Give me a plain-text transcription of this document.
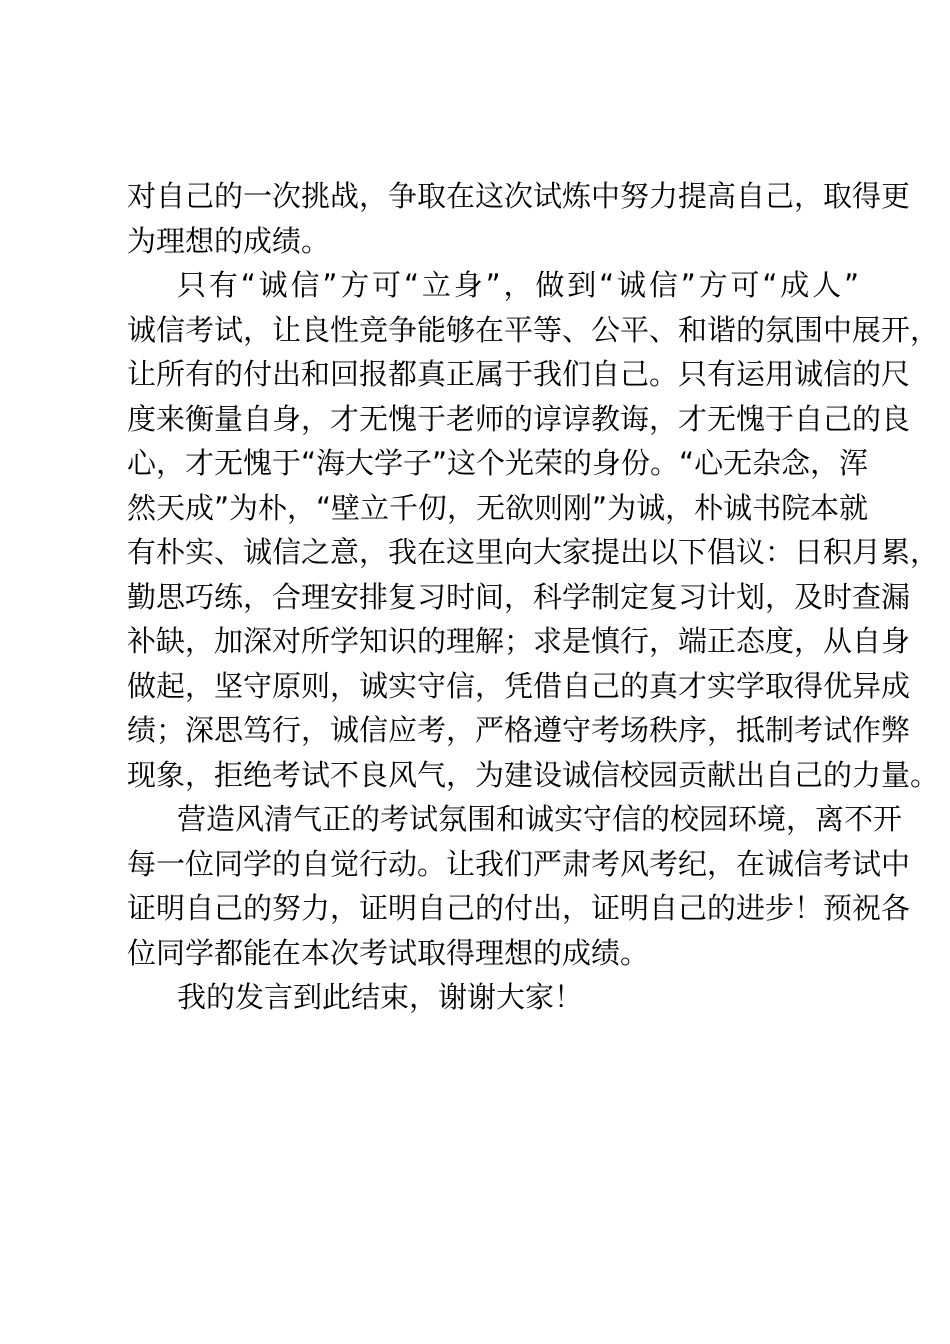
对自己的一次挑战，争取在这次试炼中努力提高自己，取得更
为理想的成绩。
只有“诚信”方可“立身”，做到“诚信”方可“成人”
诚信考试，让良性竞争能够在平等、公平、和谐的氛围中展开，
让所有的付出和回报都真正属于我们自己。只有运用诚信的尺
度来衡量自身，才无愧于老师的谆谆教诲，才无愧于自己的良
心，才无愧于“海大学子”这个光荣的身份。“心无杂念，浑
然天成”为朴，“壁立千仞，无欲则刚”为诚，朴诚书院本就
有朴实、诚信之意，我在这里向大家提出以下倡议：日积月累，
勤思巧练，合理安排复习时间，科学制定复习计划，及时查漏
补缺，加深对所学知识的理解；求是慎行，端正态度，从自身
做起，坚守原则，诚实守信，凭借自己的真才实学取得优异成
绩；深思笃行，诚信应考，严格遵守考场秩序，抵制考试作弊
现象，拒绝考试不良风气，为建设诚信校园贡献出自己的力量。
营造风清气正的考试氛围和诚实守信的校园环境，离不开
每一位同学的自觉行动。让我们严肃考风考纪，在诚信考试中
证明自己的努力，证明自己的付出，证明自己的进步！预祝各
位同学都能在本次考试取得理想的成绩。
我的发言到此结束，谢谢大家！
